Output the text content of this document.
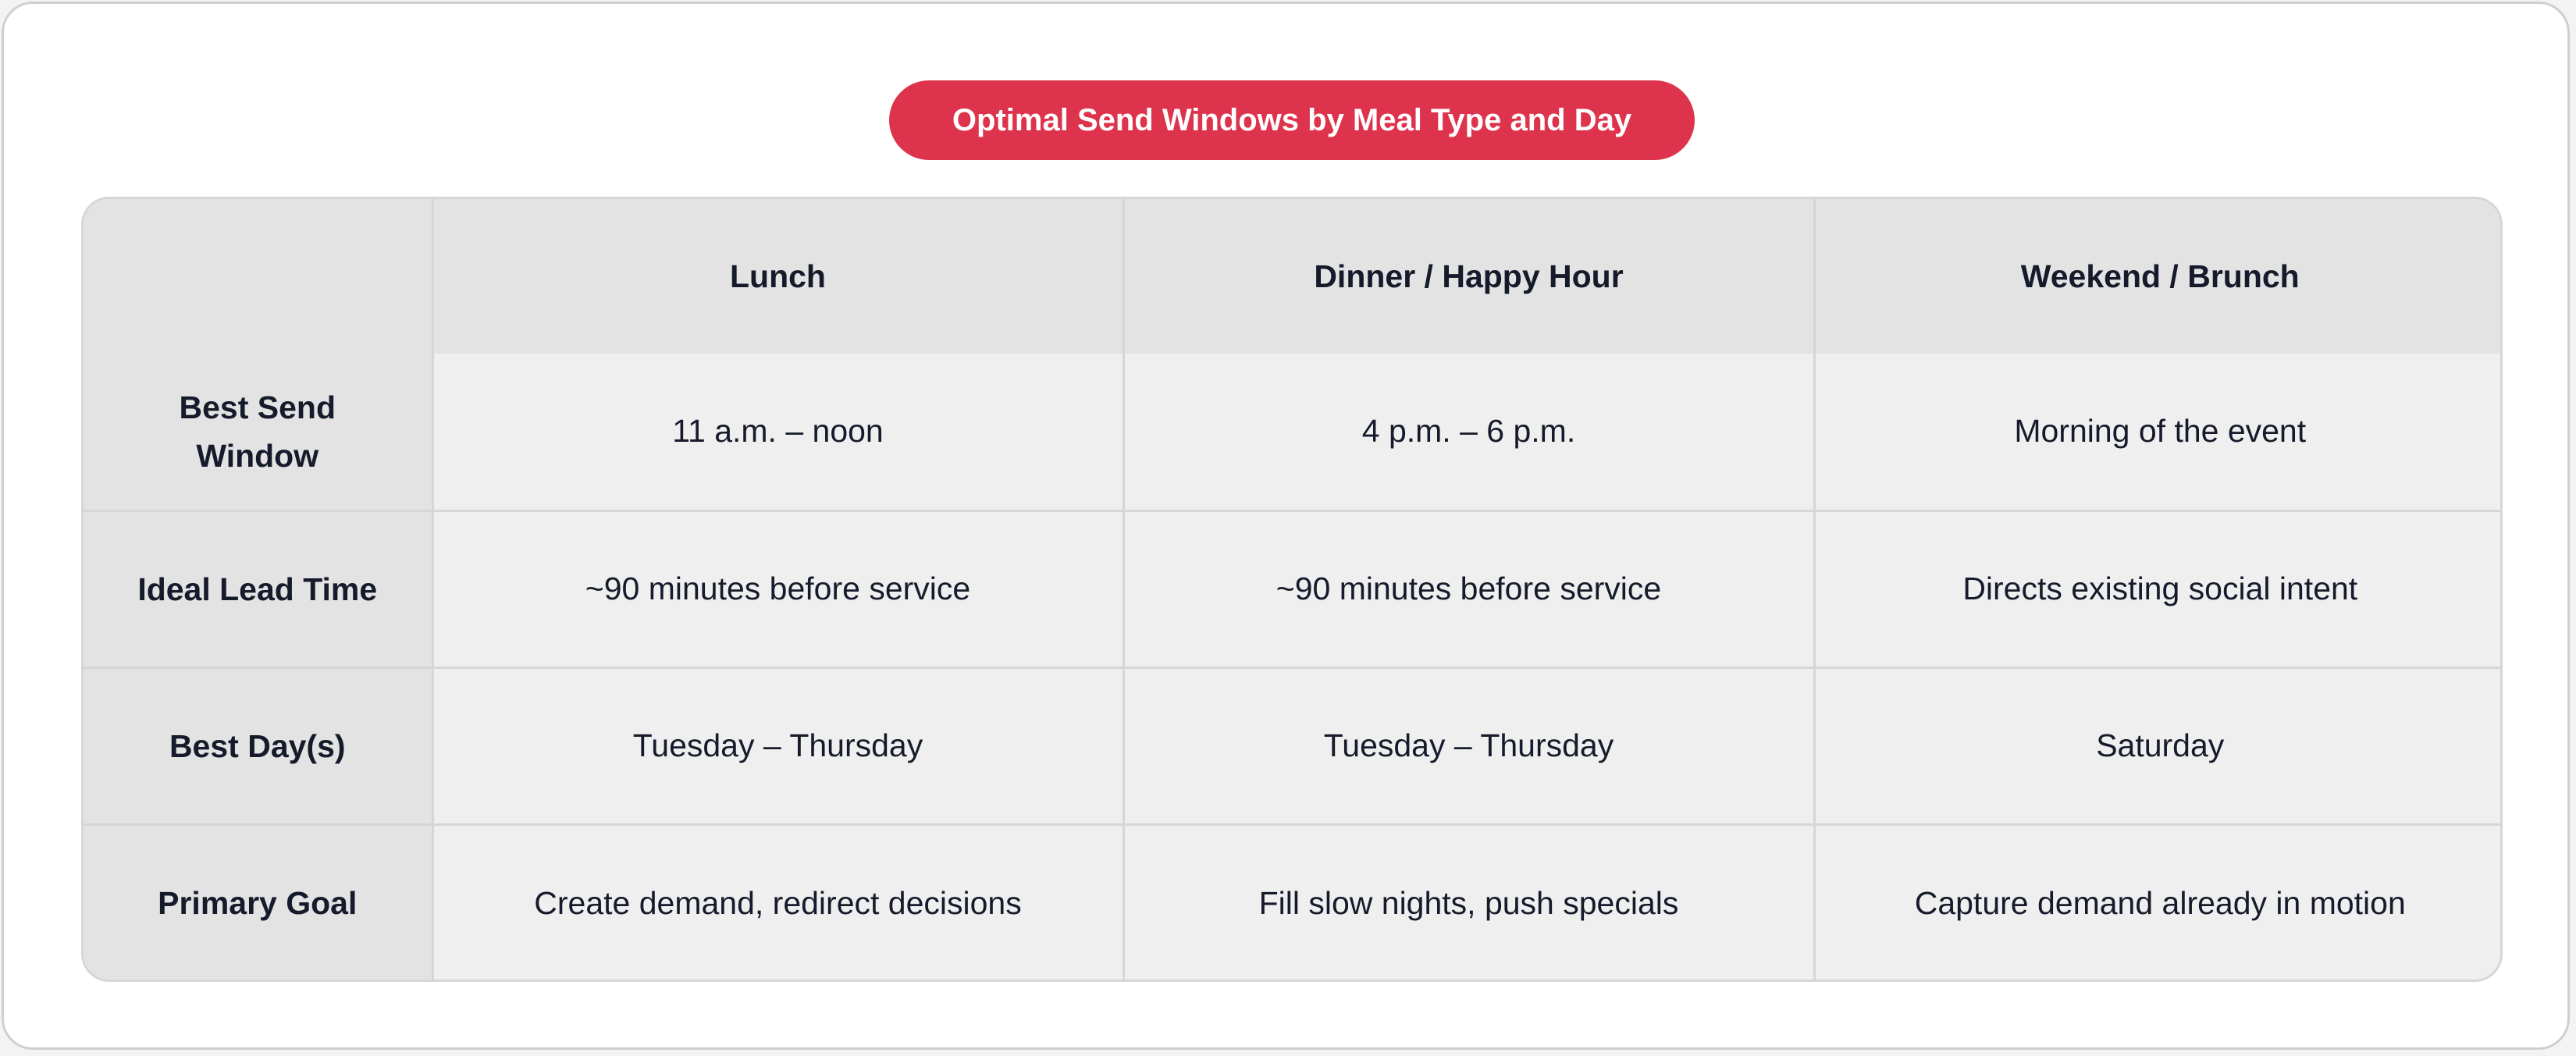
Optimal Send Windows by Meal Type and Day
	Lunch	Dinner / Happy Hour	Weekend / Brunch
Best Send Window	11 a.m. – noon	4 p.m. – 6 p.m.	Morning of the event
Ideal Lead Time	~90 minutes before service	~90 minutes before service	Directs existing social intent
Best Day(s)	Tuesday – Thursday	Tuesday – Thursday	Saturday
Primary Goal	Create demand, redirect decisions	Fill slow nights, push specials	Capture demand already in motion
